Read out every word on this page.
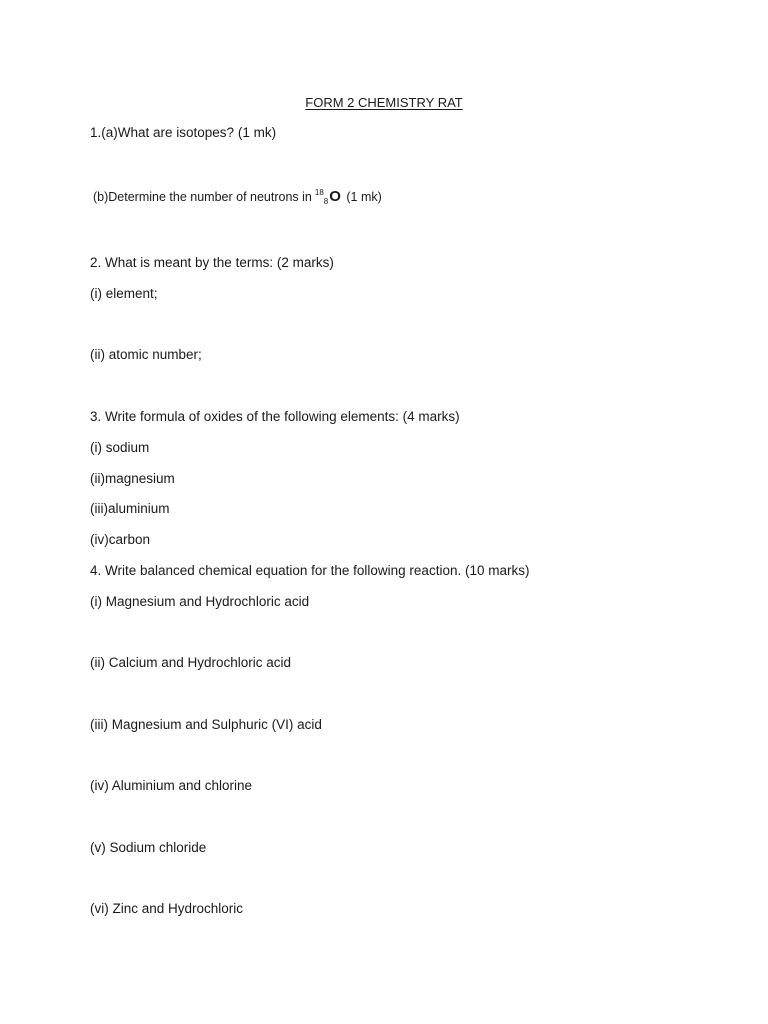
FORM 2 CHEMISTRY RAT
1.(a)What are isotopes? (1 mk)
(b)Determine the number of neutrons in $^{18}_8$O (1 mk)
2. What is meant by the terms: (2 marks)
(i) element;
(ii) atomic number;
3. Write formula of oxides of the following elements: (4 marks)
(i) sodium
(ii)magnesium
(iii)aluminium
(iv)carbon
4. Write balanced chemical equation for the following reaction. (10 marks)
(i) Magnesium and Hydrochloric acid
(ii) Calcium and Hydrochloric acid
(iii) Magnesium and Sulphuric (VI) acid
(iv) Aluminium and chlorine
(v) Sodium chloride
(vi) Zinc and Hydrochloric
